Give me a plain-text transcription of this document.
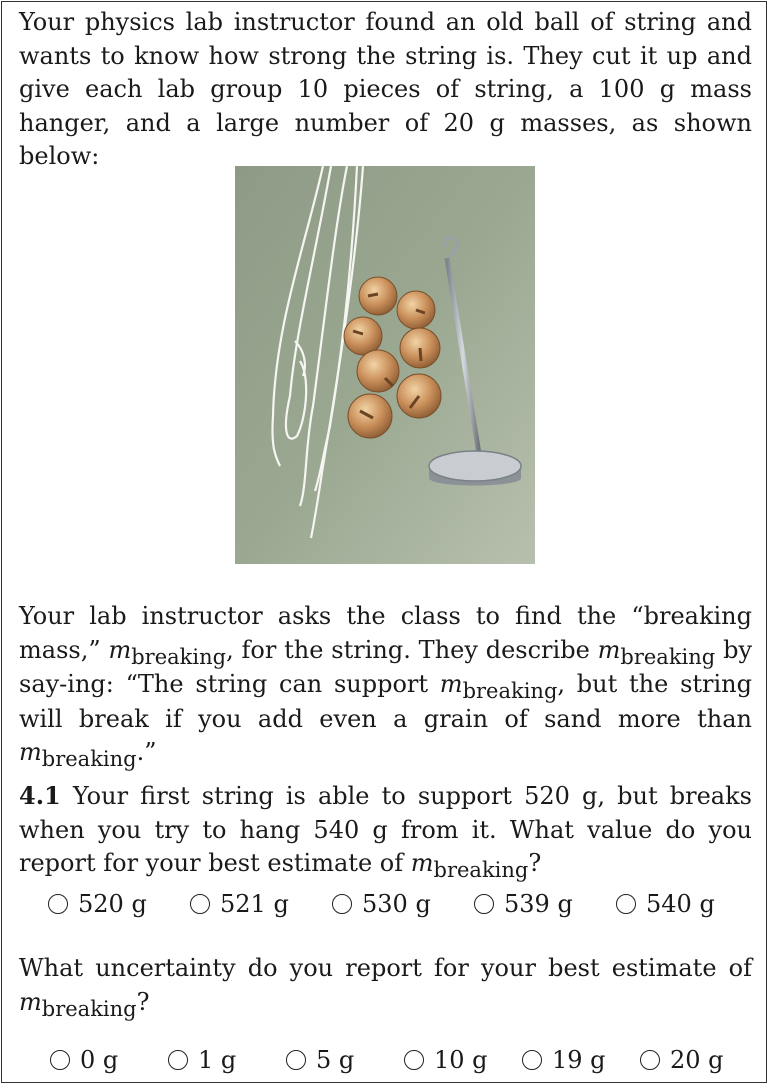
Your physics lab instructor found an old ball of string and wants to know how strong the string is. They cut it up and give each lab group 10 pieces of string, a 100 g mass hanger, and a large number of 20 g masses, as shown below:
Your lab instructor asks the class to find the “breaking mass,” mbreaking, for the string. They describe mbreaking by say-ing: “The string can support mbreaking, but the string will break if you add even a grain of sand more than mbreaking.”
4.1 Your first string is able to support 520 g, but breaks when you try to hang 540 g from it. What value do you report for your best estimate of mbreaking?
520 g	521 g	530 g	539 g	540 g
What uncertainty do you report for your best estimate of mbreaking?
0 g	1 g	5 g	10 g	19 g	20 g
